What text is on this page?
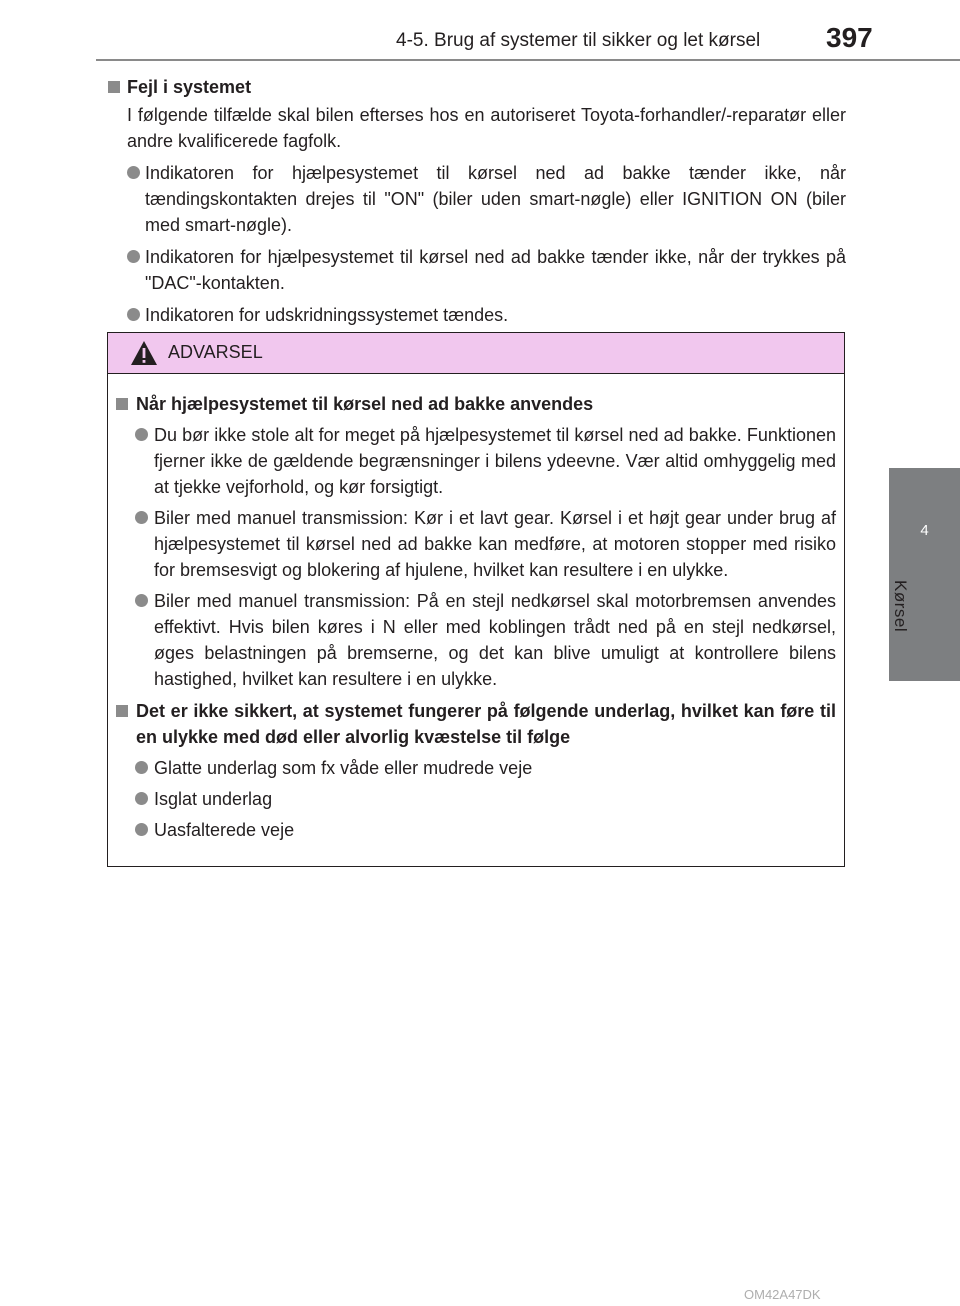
4-5. Brug af systemer til sikker og let kørsel 397
4
Kørsel
Fejl i systemet
I følgende tilfælde skal bilen efterses hos en autoriseret Toyota-forhandler/-reparatør eller andre kvalificerede fagfolk.
Indikatoren for hjælpesystemet til kørsel ned ad bakke tænder ikke, når tændingskontakten drejes til "ON" (biler uden smart-nøgle) eller IGNITION ON (biler med smart-nøgle).
Indikatoren for hjælpesystemet til kørsel ned ad bakke tænder ikke, når der trykkes på "DAC"-kontakten.
Indikatoren for udskridningssystemet tændes.
ADVARSEL
Når hjælpesystemet til kørsel ned ad bakke anvendes
Du bør ikke stole alt for meget på hjælpesystemet til kørsel ned ad bakke. Funktionen fjerner ikke de gældende begrænsninger i bilens ydeevne. Vær altid omhyggelig med at tjekke vejforhold, og kør forsigtigt.
Biler med manuel transmission: Kør i et lavt gear. Kørsel i et højt gear under brug af hjælpesystemet til kørsel ned ad bakke kan medføre, at motoren stopper med risiko for bremsesvigt og blokering af hjulene, hvilket kan resultere i en ulykke.
Biler med manuel transmission: På en stejl nedkørsel skal motorbremsen anvendes effektivt. Hvis bilen køres i N eller med koblingen trådt ned på en stejl nedkørsel, øges belastningen på bremserne, og det kan blive umuligt at kontrollere bilens hastighed, hvilket kan resultere i en ulykke.
Det er ikke sikkert, at systemet fungerer på følgende underlag, hvilket kan føre til en ulykke med død eller alvorlig kvæstelse til følge
Glatte underlag som fx våde eller mudrede veje
Isglat underlag
Uasfalterede veje
OM42A47DK
